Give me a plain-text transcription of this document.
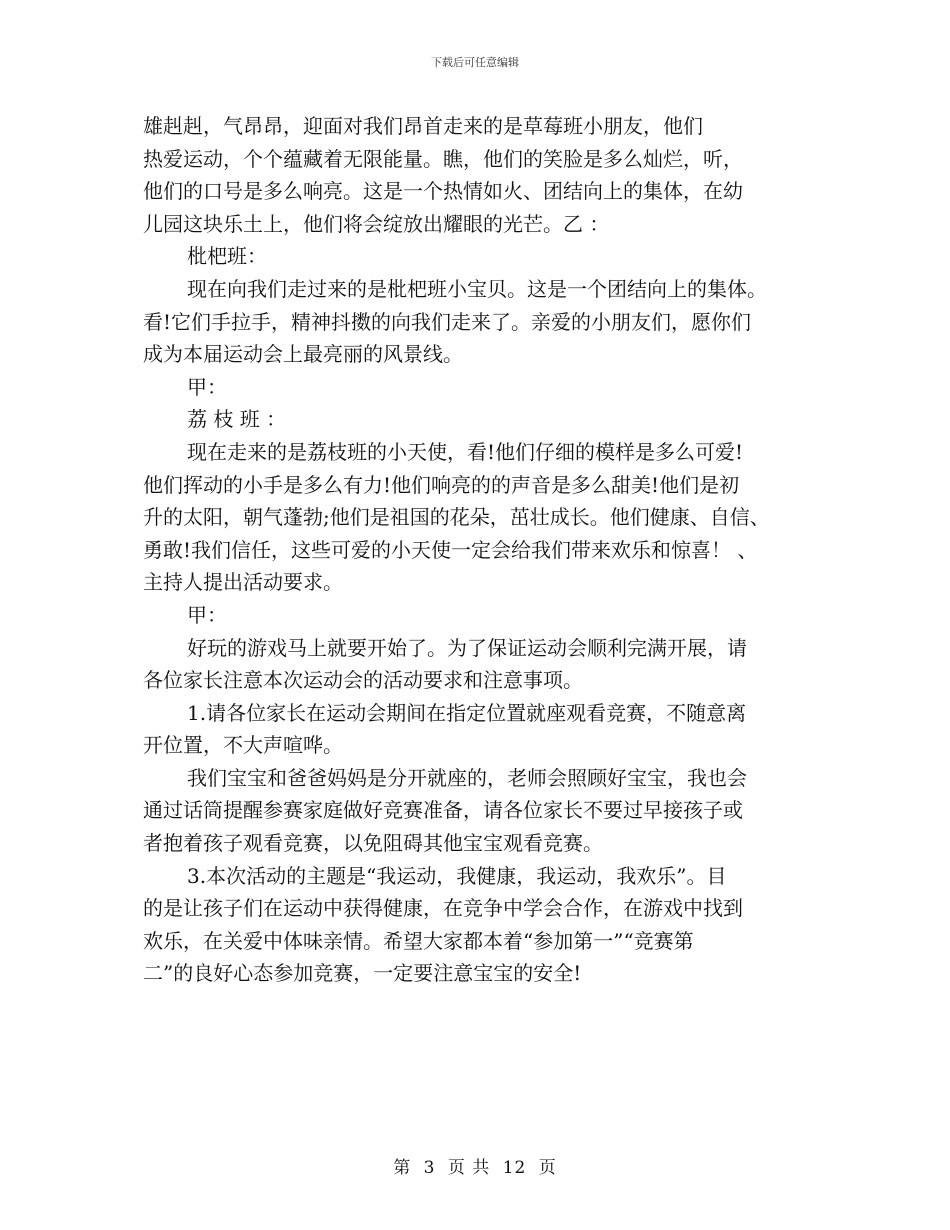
下载后可任意编辑
雄赳赳，气昂昂，迎面对我们昂首走来的是草莓班小朋友，他们
热爱运动，个个蕴藏着无限能量。瞧，他们的笑脸是多么灿烂，听，
他们的口号是多么响亮。这是一个热情如火、团结向上的集体，在幼
儿园这块乐土上，他们将会绽放出耀眼的光芒。乙 ：
枇杷班：
现在向我们走过来的是枇杷班小宝贝。这是一个团结向上的集体。
看!它们手拉手，精神抖擞的向我们走来了。亲爱的小朋友们，愿你们
成为本届运动会上最亮丽的风景线。
甲：
荔 枝 班 ：
现在走来的是荔枝班的小天使，看!他们仔细的模样是多么可爱!
他们挥动的小手是多么有力!他们响亮的的声音是多么甜美!他们是初
升的太阳，朝气蓬勃;他们是祖国的花朵，茁壮成长。他们健康、自信、
勇敢!我们信任，这些可爱的小天使一定会给我们带来欢乐和惊喜！ 、
主持人提出活动要求。
甲：
好玩的游戏马上就要开始了。为了保证运动会顺利完满开展，请
各位家长注意本次运动会的活动要求和注意事项。
1.请各位家长在运动会期间在指定位置就座观看竞赛，不随意离
开位置，不大声喧哗。
我们宝宝和爸爸妈妈是分开就座的，老师会照顾好宝宝，我也会
通过话筒提醒参赛家庭做好竞赛准备，请各位家长不要过早接孩子或
者抱着孩子观看竞赛，以免阻碍其他宝宝观看竞赛。
3.本次活动的主题是“我运动，我健康，我运动，我欢乐”。目
的是让孩子们在运动中获得健康，在竞争中学会合作，在游戏中找到
欢乐，在关爱中体味亲情。希望大家都本着“参加第一”“竞赛第
二”的良好心态参加竞赛，一定要注意宝宝的安全!
第 3 页 共 12 页
